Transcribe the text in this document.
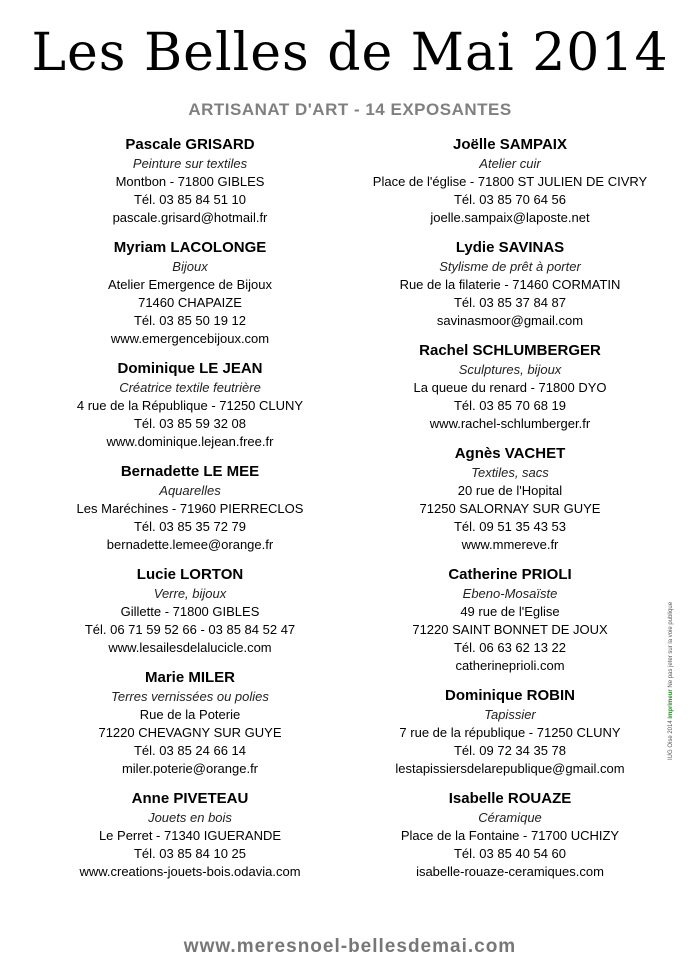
Les Belles de Mai 2014
ARTISANAT D'ART - 14 EXPOSANTES
Pascale GRISARD
Peinture sur textiles
Montbon - 71800 GIBLES
Tél. 03 85 84 51 10
pascale.grisard@hotmail.fr
Myriam LACOLONGE
Bijoux
Atelier Emergence de Bijoux
71460 CHAPAIZE
Tél. 03 85 50 19 12
www.emergencebijoux.com
Dominique LE JEAN
Créatrice textile feutrière
4 rue de la République - 71250 CLUNY
Tél. 03 85 59 32 08
www.dominique.lejean.free.fr
Bernadette LE MEE
Aquarelles
Les Maréchines - 71960 PIERRECLOS
Tél. 03 85 35 72 79
bernadette.lemee@orange.fr
Lucie LORTON
Verre, bijoux
Gillette - 71800 GIBLES
Tél. 06 71 59 52 66 - 03 85 84 52 47
www.lesailesdelalucicle.com
Marie MILER
Terres vernissées ou polies
Rue de la Poterie
71220 CHEVAGNY SUR GUYE
Tél. 03 85 24 66 14
miler.poterie@orange.fr
Anne PIVETEAU
Jouets en bois
Le Perret - 71340 IGUERANDE
Tél. 03 85 84 10 25
www.creations-jouets-bois.odavia.com
Joëlle SAMPAIX
Atelier cuir
Place de l'église - 71800 ST JULIEN DE CIVRY
Tél. 03 85 70 64 56
joelle.sampaix@laposte.net
Lydie SAVINAS
Stylisme de prêt à porter
Rue de la filaterie - 71460 CORMATIN
Tél. 03 85 37 84 87
savinasmoor@gmail.com
Rachel SCHLUMBERGER
Sculptures, bijoux
La queue du renard - 71800 DYO
Tél. 03 85 70 68 19
www.rachel-schlumberger.fr
Agnès VACHET
Textiles, sacs
20 rue de l'Hopital
71250 SALORNAY SUR GUYE
Tél. 09 51 35 43 53
www.mmereve.fr
Catherine PRIOLI
Ebeno-Mosaïste
49 rue de l'Eglise
71220 SAINT BONNET DE JOUX
Tél. 06 63 62 13 22
catherineprioli.com
Dominique ROBIN
Tapissier
7 rue de la république - 71250 CLUNY
Tél. 09 72 34 35 78
lestapissiersdelarepublique@gmail.com
Isabelle ROUAZE
Céramique
Place de la Fontaine - 71700 UCHIZY
Tél. 03 85 40 54 60
isabelle-rouaze-ceramiques.com
www.meresnoel-bellesdemai.com
IUG Oise 2014 imprimeur Ne pas jeter sur la voie publique
